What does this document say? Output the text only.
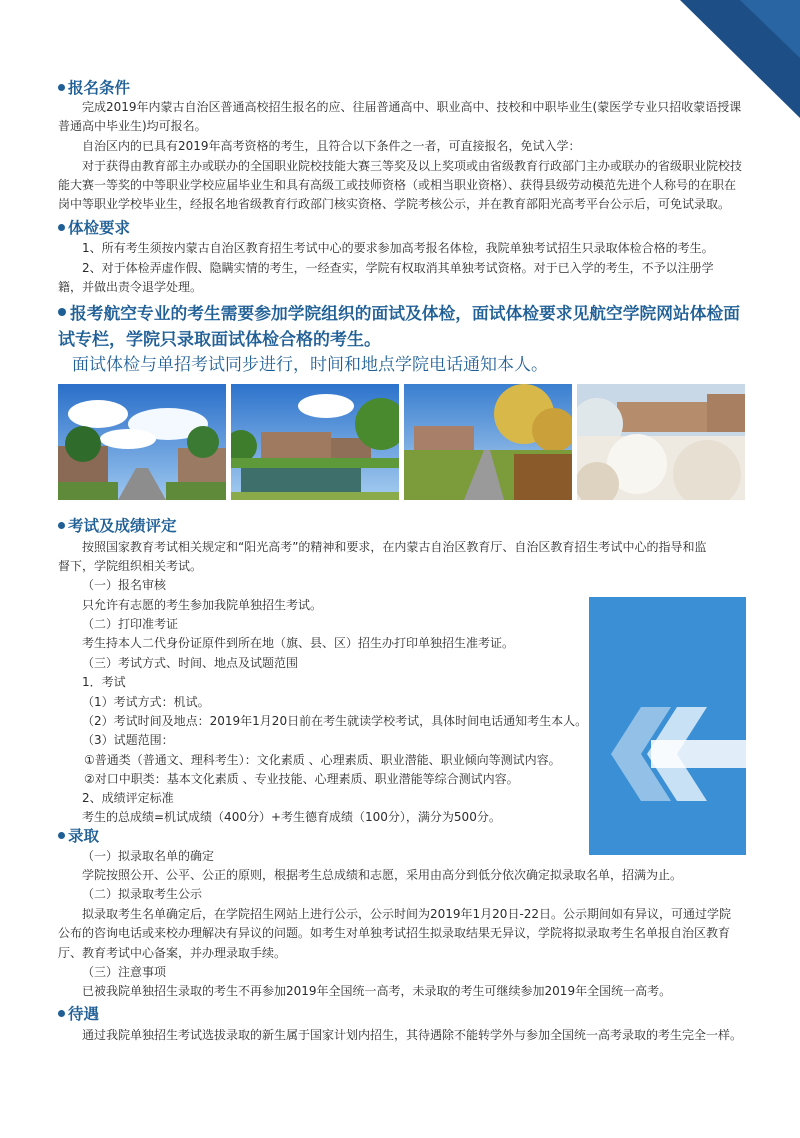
报名条件
完成2019年内蒙古自治区普通高校招生报名的应、往届普通高中、职业高中、技校和中职毕业生(蒙医学专业只招收蒙语授课
普通高中毕业生)均可报名。
自治区内的已具有2019年高考资格的考生，且符合以下条件之一者，可直接报名，免试入学：
对于获得由教育部主办或联办的全国职业院校技能大赛三等奖及以上奖项或由省级教育行政部门主办或联办的省级职业院校技
能大赛一等奖的中等职业学校应届毕业生和具有高级工或技师资格（或相当职业资格）、获得县级劳动模范先进个人称号的在职在
岗中等职业学校毕业生，经报名地省级教育行政部门核实资格、学院考核公示，并在教育部阳光高考平台公示后，可免试录取。
体检要求
1、所有考生须按内蒙古自治区教育招生考试中心的要求参加高考报名体检，我院单独考试招生只录取体检合格的考生。
2、对于体检弄虚作假、隐瞒实情的考生，一经查实，学院有权取消其单独考试资格。对于已入学的考生，不予以注册学
籍，并做出责令退学处理。
报考航空专业的考生需要参加学院组织的面试及体检，面试体检要求见航空学院网站体检面
试专栏，学院只录取面试体检合格的考生。
面试体检与单招考试同步进行，时间和地点学院电话通知本人。
考试及成绩评定
按照国家教育考试相关规定和“阳光高考”的精神和要求，在内蒙古自治区教育厅、自治区教育招生考试中心的指导和监
督下，学院组织相关考试。
（一）报名审核
只允许有志愿的考生参加我院单独招生考试。
（二）打印准考证
考生持本人二代身份证原件到所在地（旗、县、区）招生办打印单独招生准考证。
（三）考试方式、时间、地点及试题范围
1．考试
（1）考试方式：机试。
（2）考试时间及地点：2019年1月20日前在考生就读学校考试，具体时间电话通知考生本人。
（3）试题范围：
①普通类（普通文、理科考生）：文化素质 、心理素质、职业潜能、职业倾向等测试内容。
②对口中职类：基本文化素质 、专业技能、心理素质、职业潜能等综合测试内容。
2、成绩评定标准
考生的总成绩=机试成绩（400分）+考生德育成绩（100分），满分为500分。
录取
（一）拟录取名单的确定
学院按照公开、公平、公正的原则，根据考生总成绩和志愿，采用由高分到低分依次确定拟录取名单，招满为止。
（二）拟录取考生公示
拟录取考生名单确定后，在学院招生网站上进行公示，公示时间为2019年1月20日-22日。公示期间如有异议，可通过学院
公布的咨询电话或来校办理解决有异议的问题。如考生对单独考试招生拟录取结果无异议，学院将拟录取考生名单报自治区教育
厅、教育考试中心备案，并办理录取手续。
（三）注意事项
已被我院单独招生录取的考生不再参加2019年全国统一高考，未录取的考生可继续参加2019年全国统一高考。
待遇
通过我院单独招生考试选拔录取的新生属于国家计划内招生，其待遇除不能转学外与参加全国统一高考录取的考生完全一样。
